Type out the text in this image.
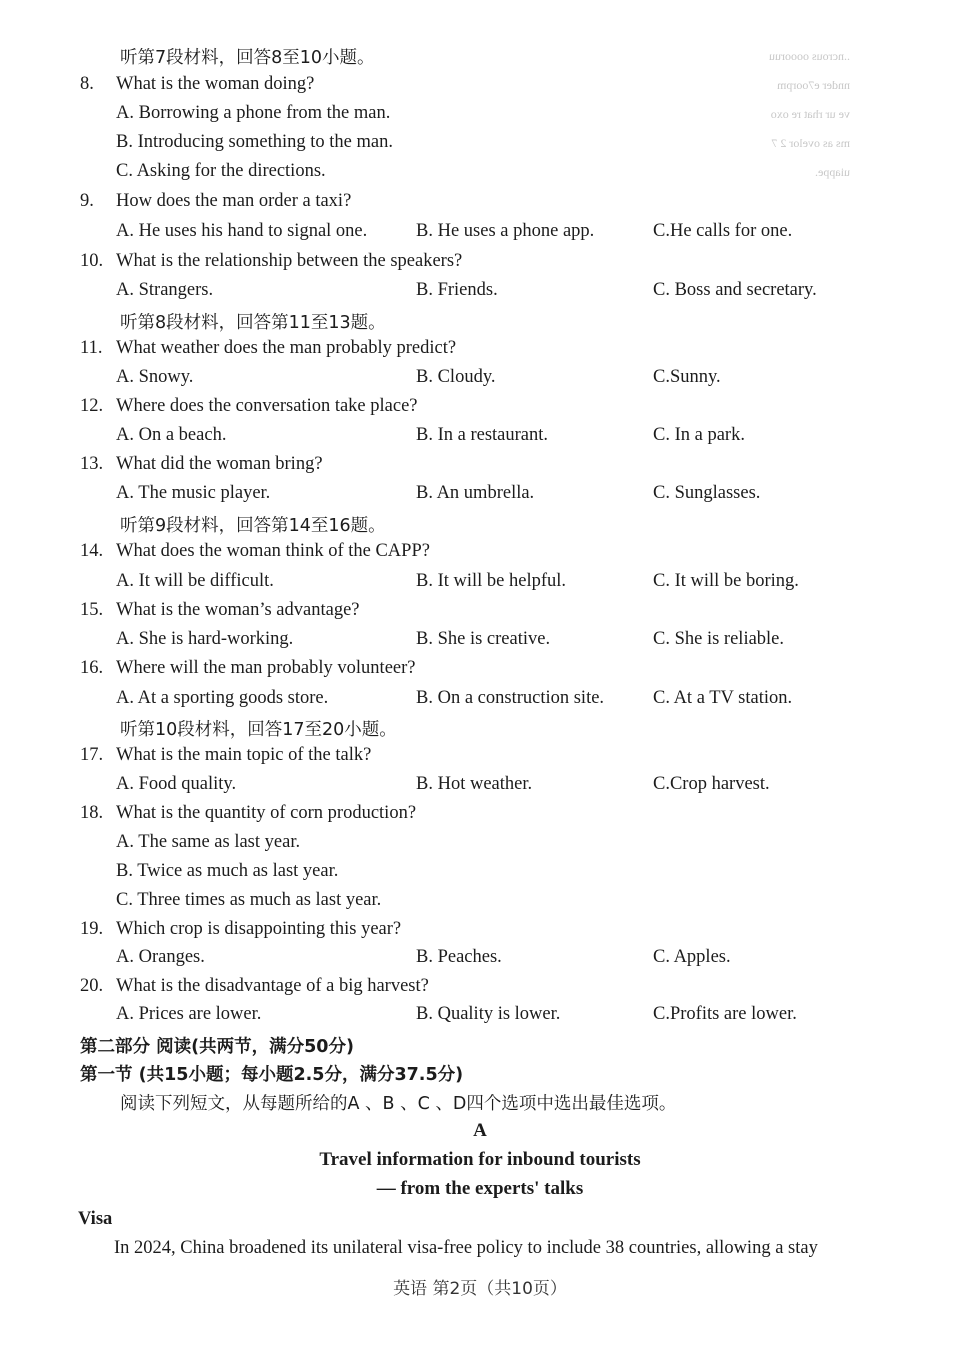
..ncrous ooooruu
nnder e7oorpm
ve ur rhat re oxo
ms as ovelor 2 7
uiappe.
听第7段材料，回答8至10小题。
8. What is the woman doing?
A. Borrowing a phone from the man.
B. Introducing something to the man.
C. Asking for the directions.
9. How does the man order a taxi?
A. He uses his hand to signal one.	B. He uses a phone app.	C.He calls for one.
10. What is the relationship between the speakers?
A. Strangers.	B. Friends.	C. Boss and secretary.
听第8段材料，回答第11至13题。
11. What weather does the man probably predict?
A. Snowy.	B. Cloudy.	C.Sunny.
12. Where does the conversation take place?
A. On a beach.	B. In a restaurant.	C. In a park.
13. What did the woman bring?
A. The music player.	B. An umbrella.	C. Sunglasses.
听第9段材料，回答第14至16题。
14. What does the woman think of the CAPP?
A. It will be difficult.	B. It will be helpful.	C. It will be boring.
15. What is the woman’s advantage?
A. She is hard-working.	B. She is creative.	C. She is reliable.
16. Where will the man probably volunteer?
A. At a sporting goods store.	B. On a construction site.	C. At a TV station.
听第10段材料，回答17至20小题。
17. What is the main topic of the talk?
A. Food quality.	B. Hot weather.	C.Crop harvest.
18. What is the quantity of corn production?
A. The same as last year.
B. Twice as much as last year.
C. Three times as much as last year.
19. Which crop is disappointing this year?
A. Oranges.	B. Peaches.	C. Apples.
20. What is the disadvantage of a big harvest?
A. Prices are lower.	B. Quality is lower.	C.Profits are lower.
第二部分 阅读(共两节，满分50分)
第一节 (共15小题；每小题2.5分，满分37.5分)
阅读下列短文，从每题所给的A 、B 、C 、D四个选项中选出最佳选项。
A
Travel information for inbound tourists
— from the experts' talks
Visa
In 2024, China broadened its unilateral visa-free policy to include 38 countries, allowing a stay
英语 第2页（共10页）
